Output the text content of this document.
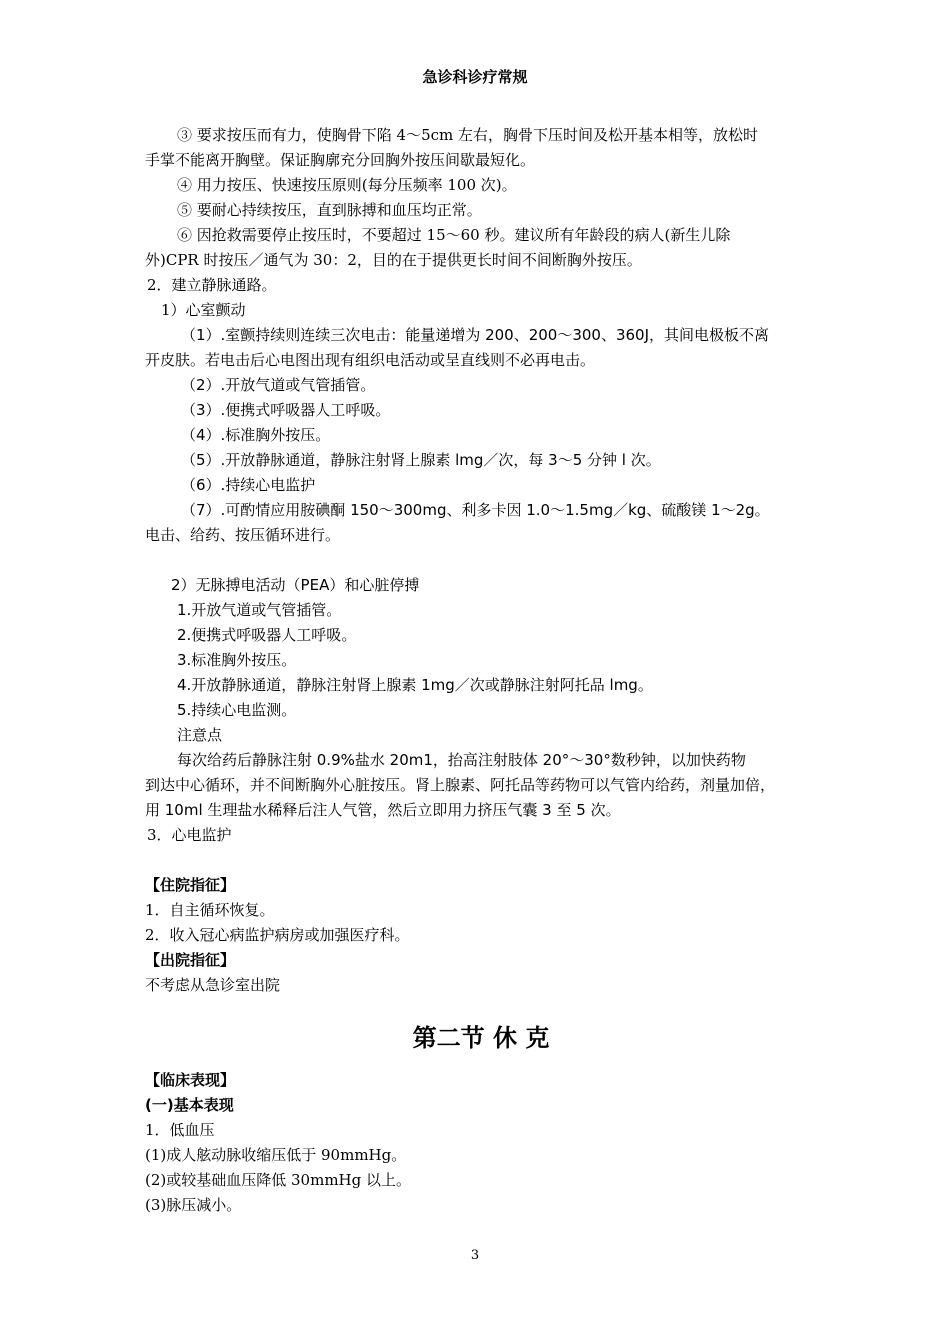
急诊科诊疗常规
③ 要求按压而有力，使胸骨下陷 4～5cm 左右，胸骨下压时间及松开基本相等，放松时
手掌不能离开胸壁。保证胸廓充分回胸外按压间歇最短化。
④ 用力按压、快速按压原则(每分压频率 100 次)。
⑤ 要耐心持续按压，直到脉搏和血压均正常。
⑥ 因抢救需要停止按压时，不要超过 15～60 秒。建议所有年龄段的病人(新生儿除
外)CPR 时按压／通气为 30：2，目的在于提供更长时间不间断胸外按压。
2．建立静脉通路。
1）心室颤动
（1）.室颤持续则连续三次电击：能量递增为 200、200～300、360J，其间电极板不离
开皮肤。若电击后心电图出现有组织电活动或呈直线则不必再电击。
（2）.开放气道或气管插管。
（3）.便携式呼吸器人工呼吸。
（4）.标准胸外按压。
（5）.开放静脉通道，静脉注射肾上腺素 lmg／次，每 3～5 分钟 l 次。
（6）.持续心电监护
（7）.可酌情应用胺碘酮 150～300mg、利多卡因 1.0～1.5mg／kg、硫酸镁 1～2g。
电击、给药、按压循环进行。
2）无脉搏电活动（PEA）和心脏停搏
1.开放气道或气管插管。
2.便携式呼吸器人工呼吸。
3.标准胸外按压。
4.开放静脉通道，静脉注射肾上腺素 1mg／次或静脉注射阿托品 lmg。
5.持续心电监测。
注意点
每次给药后静脉注射 0.9%盐水 20m1，抬高注射肢体 20°～30°数秒钟，以加快药物
到达中心循环，并不间断胸外心脏按压。肾上腺素、阿托品等药物可以气管内给药，剂量加倍，
用 10ml 生理盐水稀释后注人气管，然后立即用力挤压气囊 3 至 5 次。
3．心电监护
【住院指征】
1．自主循环恢复。
2．收入冠心病监护病房或加强医疗科。
【出院指征】
不考虑从急诊室出院
第二节 休 克
【临床表现】
(一)基本表现
1．低血压
(1)成人舷动脉收缩压低于 90mmHg。
(2)或较基础血压降低 30mmHg 以上。
(3)脉压减小。
3
